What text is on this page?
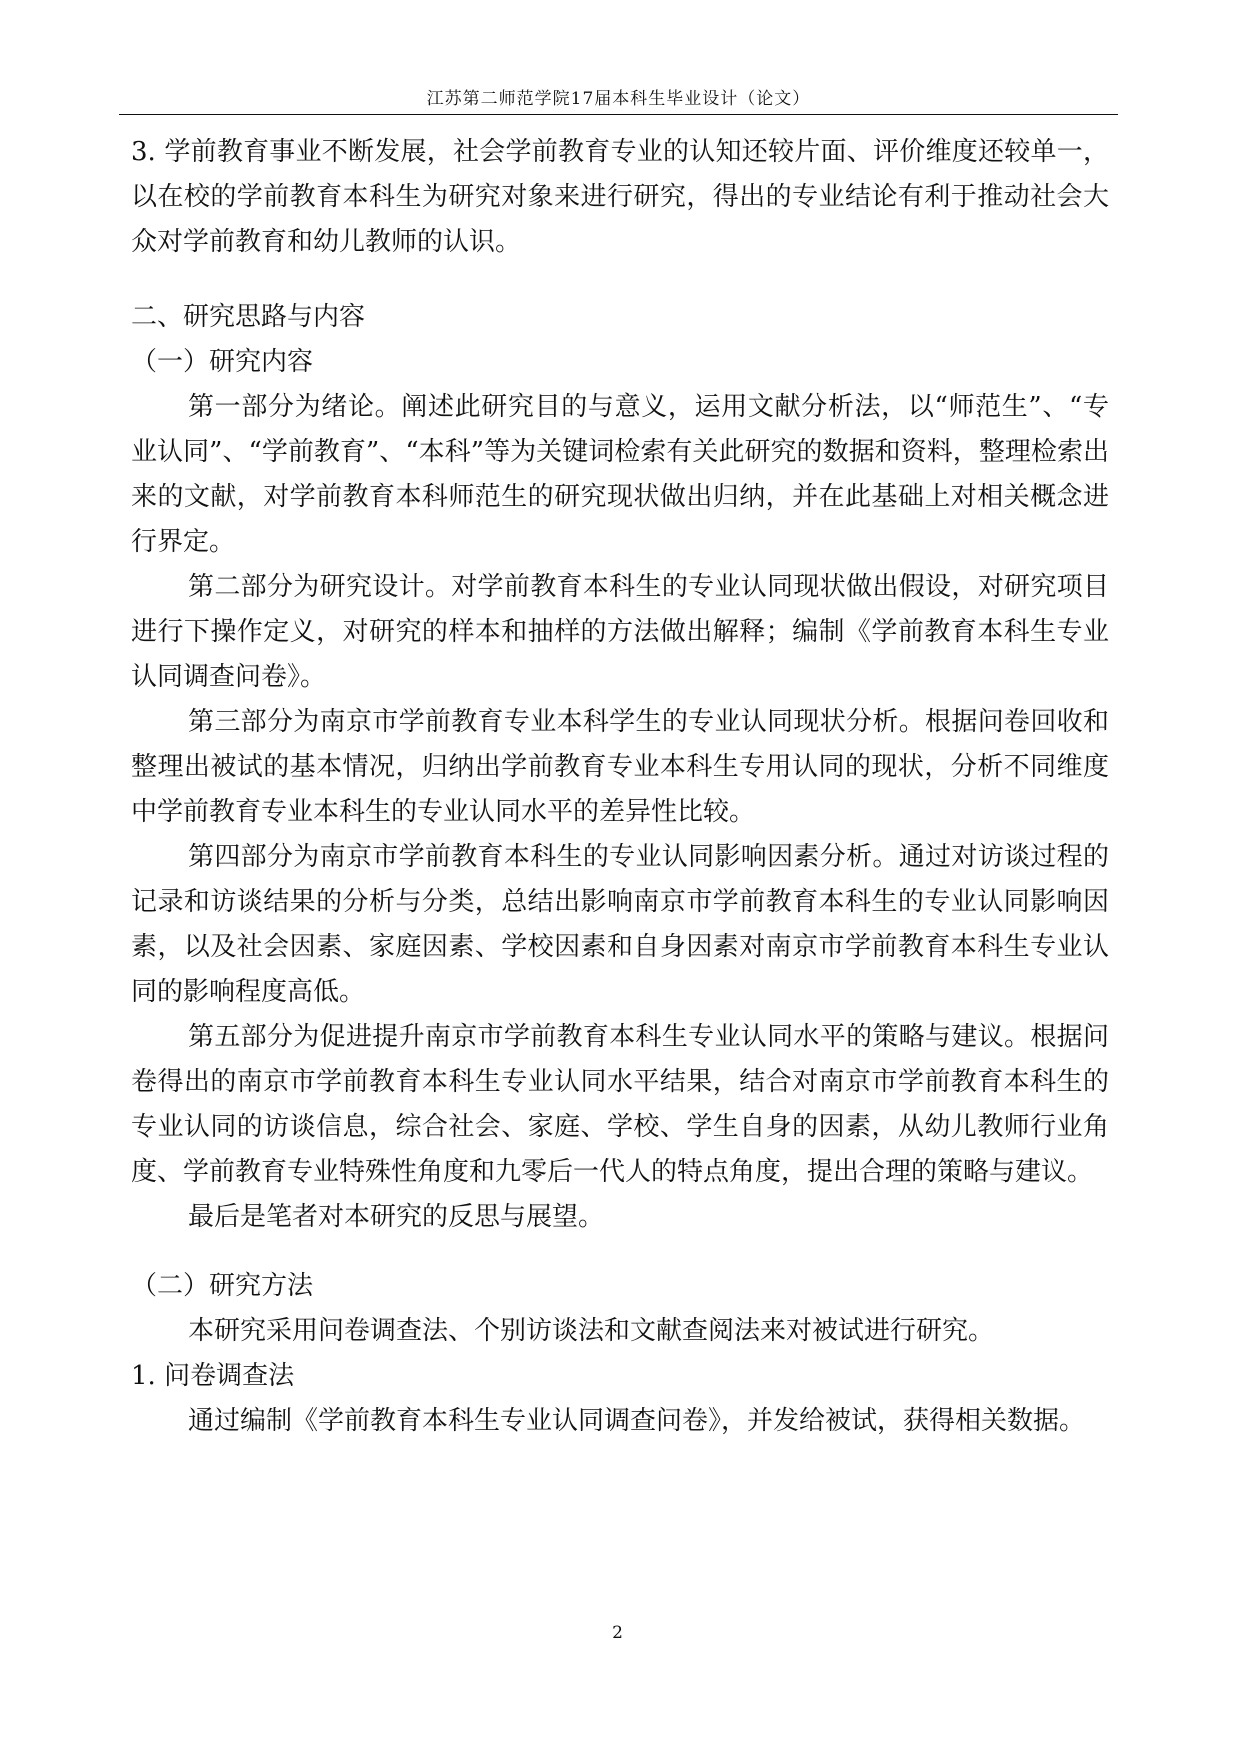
江苏第二师范学院17届本科生毕业设计（论文）

3. 学前教育事业不断发展，社会学前教育专业的认知还较片面、评价维度还较单一，以在校的学前教育本科生为研究对象来进行研究，得出的专业结论有利于推动社会大众对学前教育和幼儿教师的认识。

二、研究思路与内容

（一）研究内容

第一部分为绪论。阐述此研究目的与意义，运用文献分析法，以“师范生”、“专业认同”、“学前教育”、“本科”等为关键词检索有关此研究的数据和资料，整理检索出来的文献，对学前教育本科师范生的研究现状做出归纳，并在此基础上对相关概念进行界定。

第二部分为研究设计。对学前教育本科生的专业认同现状做出假设，对研究项目进行下操作定义，对研究的样本和抽样的方法做出解释；编制《学前教育本科生专业认同调查问卷》。

第三部分为南京市学前教育专业本科学生的专业认同现状分析。根据问卷回收和整理出被试的基本情况，归纳出学前教育专业本科生专用认同的现状，分析不同维度中学前教育专业本科生的专业认同水平的差异性比较。

第四部分为南京市学前教育本科生的专业认同影响因素分析。通过对访谈过程的记录和访谈结果的分析与分类，总结出影响南京市学前教育本科生的专业认同影响因素，以及社会因素、家庭因素、学校因素和自身因素对南京市学前教育本科生专业认同的影响程度高低。

第五部分为促进提升南京市学前教育本科生专业认同水平的策略与建议。根据问卷得出的南京市学前教育本科生专业认同水平结果，结合对南京市学前教育本科生的专业认同的访谈信息，综合社会、家庭、学校、学生自身的因素，从幼儿教师行业角度、学前教育专业特殊性角度和九零后一代人的特点角度，提出合理的策略与建议。

最后是笔者对本研究的反思与展望。

（二）研究方法

本研究采用问卷调查法、个别访谈法和文献查阅法来对被试进行研究。

1. 问卷调查法

通过编制《学前教育本科生专业认同调查问卷》，并发给被试，获得相关数据。

2
